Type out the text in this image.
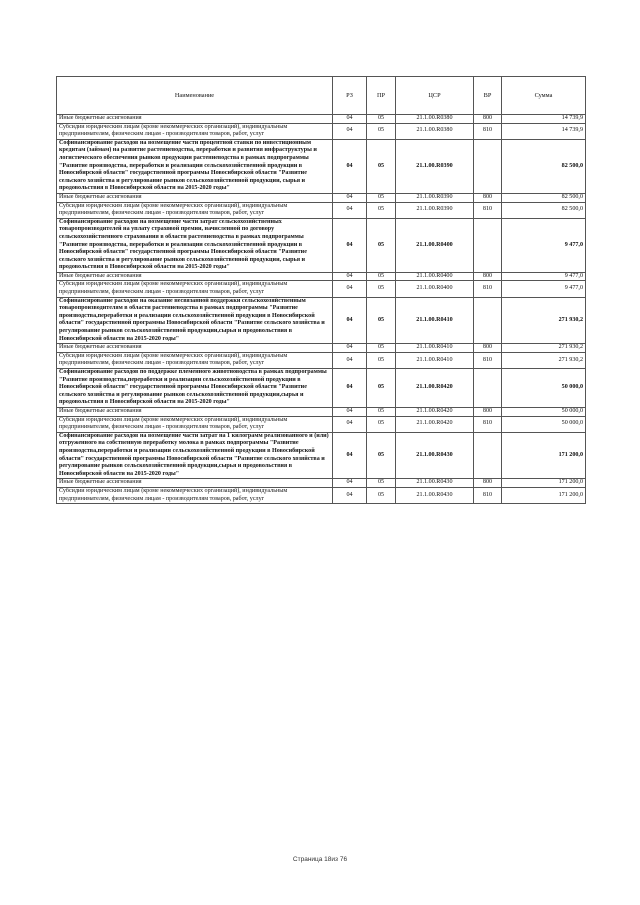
Наименование	РЗ	ПР	ЦСР	ВР	Сумма
Иные бюджетные ассигнования	04	05	21.1.00.R0380	800	14 739,9
Субсидии юридическим лицам (кроме некоммерческих организаций), индивидуальным предпринимателям, физическим лицам - производителям товаров, работ, услуг	04	05	21.1.00.R0380	810	14 739,9
Софинансирование расходов на возмещение части процентной ставки по инвестиционным кредитам (займам) на развитие растениеводства, переработки и развития инфраструктуры и логистического обеспечения рынков продукции растениеводства в рамках подпрограммы "Развитие производства, переработки и реализации сельскохозяйственной продукции в Новосибирской области" государственной программы Новосибирской области "Развитие сельского хозяйства и регулирование рынков сельскохозяйственной продукции, сырья и продовольствия в Новосибирской области на 2015-2020 годы"	04	05	21.1.00.R0390		82 500,0
Иные бюджетные ассигнования	04	05	21.1.00.R0390	800	82 500,0
Субсидии юридическим лицам (кроме некоммерческих организаций), индивидуальным предпринимателям, физическим лицам - производителям товаров, работ, услуг	04	05	21.1.00.R0390	810	82 500,0
Софинансирование расходов на возмещение части затрат сельскохозяйственных товаропроизводителей на уплату страховой премии, начисленной по договору сельскохозяйственного страхования в области растениеводства в рамках подпрограммы "Развитие производства, переработки и реализации сельскохозяйственной продукции в Новосибирской области" государственной программы Новосибирской области "Развитие сельского хозяйства и регулирование рынков сельскохозяйственной продукции, сырья и продовольствия в Новосибирской области на 2015-2020 годы"	04	05	21.1.00.R0400		9 477,0
Иные бюджетные ассигнования	04	05	21.1.00.R0400	800	9 477,0
Субсидии юридическим лицам (кроме некоммерческих организаций), индивидуальным предпринимателям, физическим лицам - производителям товаров, работ, услуг	04	05	21.1.00.R0400	810	9 477,0
Софинансирование расходов на оказание несвязанной поддержки сельскохозяйственным товаропроизводителям в области растениеводства в рамках подпрограммы "Развитие производства,переработки и реализации сельскохозяйственной продукции в Новосибирской области" государственной программы Новосибирской области "Развитие сельского хозяйства и регулирование рынков сельскохозяйственной продукции,сырья и продовольствия в Новосибирской области на 2015-2020 годы"	04	05	21.1.00.R0410		271 930,2
Иные бюджетные ассигнования	04	05	21.1.00.R0410	800	271 930,2
Субсидии юридическим лицам (кроме некоммерческих организаций), индивидуальным предпринимателям, физическим лицам - производителям товаров, работ, услуг	04	05	21.1.00.R0410	810	271 930,2
Софинансирование расходов по поддержке племенного животноводства в рамках подпрограммы "Развитие производства,переработки и реализации сельскохозяйственной продукции в Новосибирской области" государственной программы Новосибирской области "Развитие сельского хозяйства и регулирование рынков сельскохозяйственной продукции,сырья и продовольствия в Новосибирской области на 2015-2020 годы"	04	05	21.1.00.R0420		50 000,0
Иные бюджетные ассигнования	04	05	21.1.00.R0420	800	50 000,0
Субсидии юридическим лицам (кроме некоммерческих организаций), индивидуальным предпринимателям, физическим лицам - производителям товаров, работ, услуг	04	05	21.1.00.R0420	810	50 000,0
Софинансирование расходов на возмещение части затрат на 1 килограмм реализованного и (или) отгруженного на собственную переработку молока в рамках подпрограммы "Развитие производства,переработки и реализации сельскохозяйственной продукции в Новосибирской области" государственной программы Новосибирской области "Развитие сельского хозяйства и регулирование рынков сельскохозяйственной продукции,сырья и продовольствия в Новосибирской области на 2015-2020 годы"	04	05	21.1.00.R0430		171 200,0
Иные бюджетные ассигнования	04	05	21.1.00.R0430	800	171 200,0
Субсидии юридическим лицам (кроме некоммерческих организаций), индивидуальным предпринимателям, физическим лицам - производителям товаров, работ, услуг	04	05	21.1.00.R0430	810	171 200,0
Страница 18из 76
